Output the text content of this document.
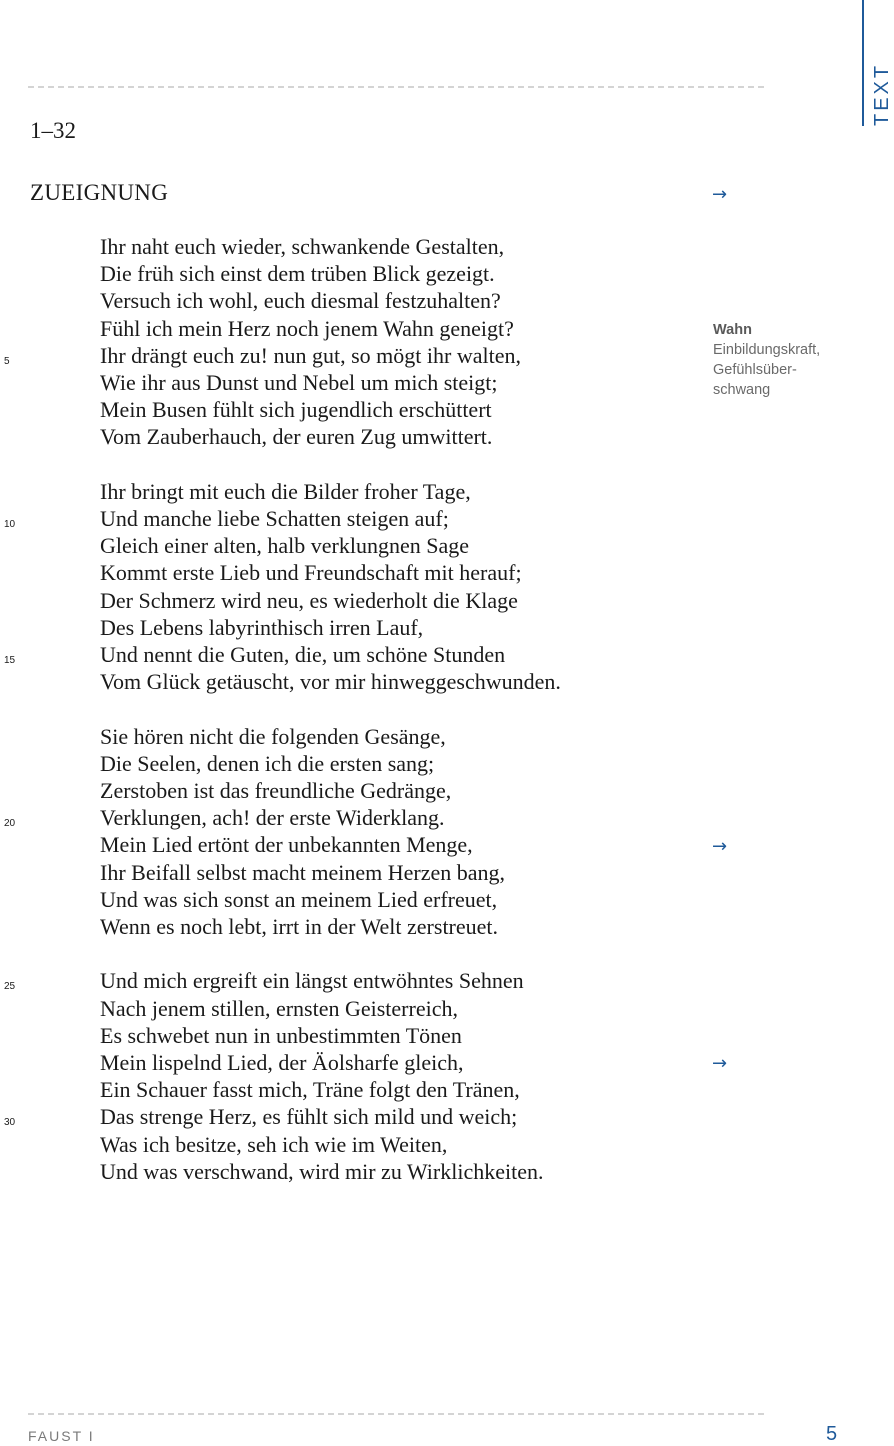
TEXT
1–32
ZUEIGNUNG	→
→
→
5
10
15
20
25
30
Ihr naht euch wieder, schwankende Gestalten,
Die früh sich einst dem trüben Blick gezeigt.
Versuch ich wohl, euch diesmal festzuhalten?
Fühl ich mein Herz noch jenem Wahn geneigt?
Ihr drängt euch zu! nun gut, so mögt ihr walten,
Wie ihr aus Dunst und Nebel um mich steigt;
Mein Busen fühlt sich jugendlich erschüttert
Vom Zauberhauch, der euren Zug umwittert.
Ihr bringt mit euch die Bilder froher Tage,
Und manche liebe Schatten steigen auf;
Gleich einer alten, halb verklungnen Sage
Kommt erste Lieb und Freundschaft mit herauf;
Der Schmerz wird neu, es wiederholt die Klage
Des Lebens labyrinthisch irren Lauf,
Und nennt die Guten, die, um schöne Stunden
Vom Glück getäuscht, vor mir hinweggeschwunden.
Sie hören nicht die folgenden Gesänge,
Die Seelen, denen ich die ersten sang;
Zerstoben ist das freundliche Gedränge,
Verklungen, ach! der erste Widerklang.
Mein Lied ertönt der unbekannten Menge,
Ihr Beifall selbst macht meinem Herzen bang,
Und was sich sonst an meinem Lied erfreuet,
Wenn es noch lebt, irrt in der Welt zerstreuet.
Und mich ergreift ein längst entwöhntes Sehnen
Nach jenem stillen, ernsten Geisterreich,
Es schwebet nun in unbestimmten Tönen
Mein lispelnd Lied, der Äolsharfe gleich,
Ein Schauer fasst mich, Träne folgt den Tränen,
Das strenge Herz, es fühlt sich mild und weich;
Was ich besitze, seh ich wie im Weiten,
Und was verschwand, wird mir zu Wirklichkeiten.
Wahn
Einbildungskraft,
Gefühlsüber-
schwang
FAUST I	5
